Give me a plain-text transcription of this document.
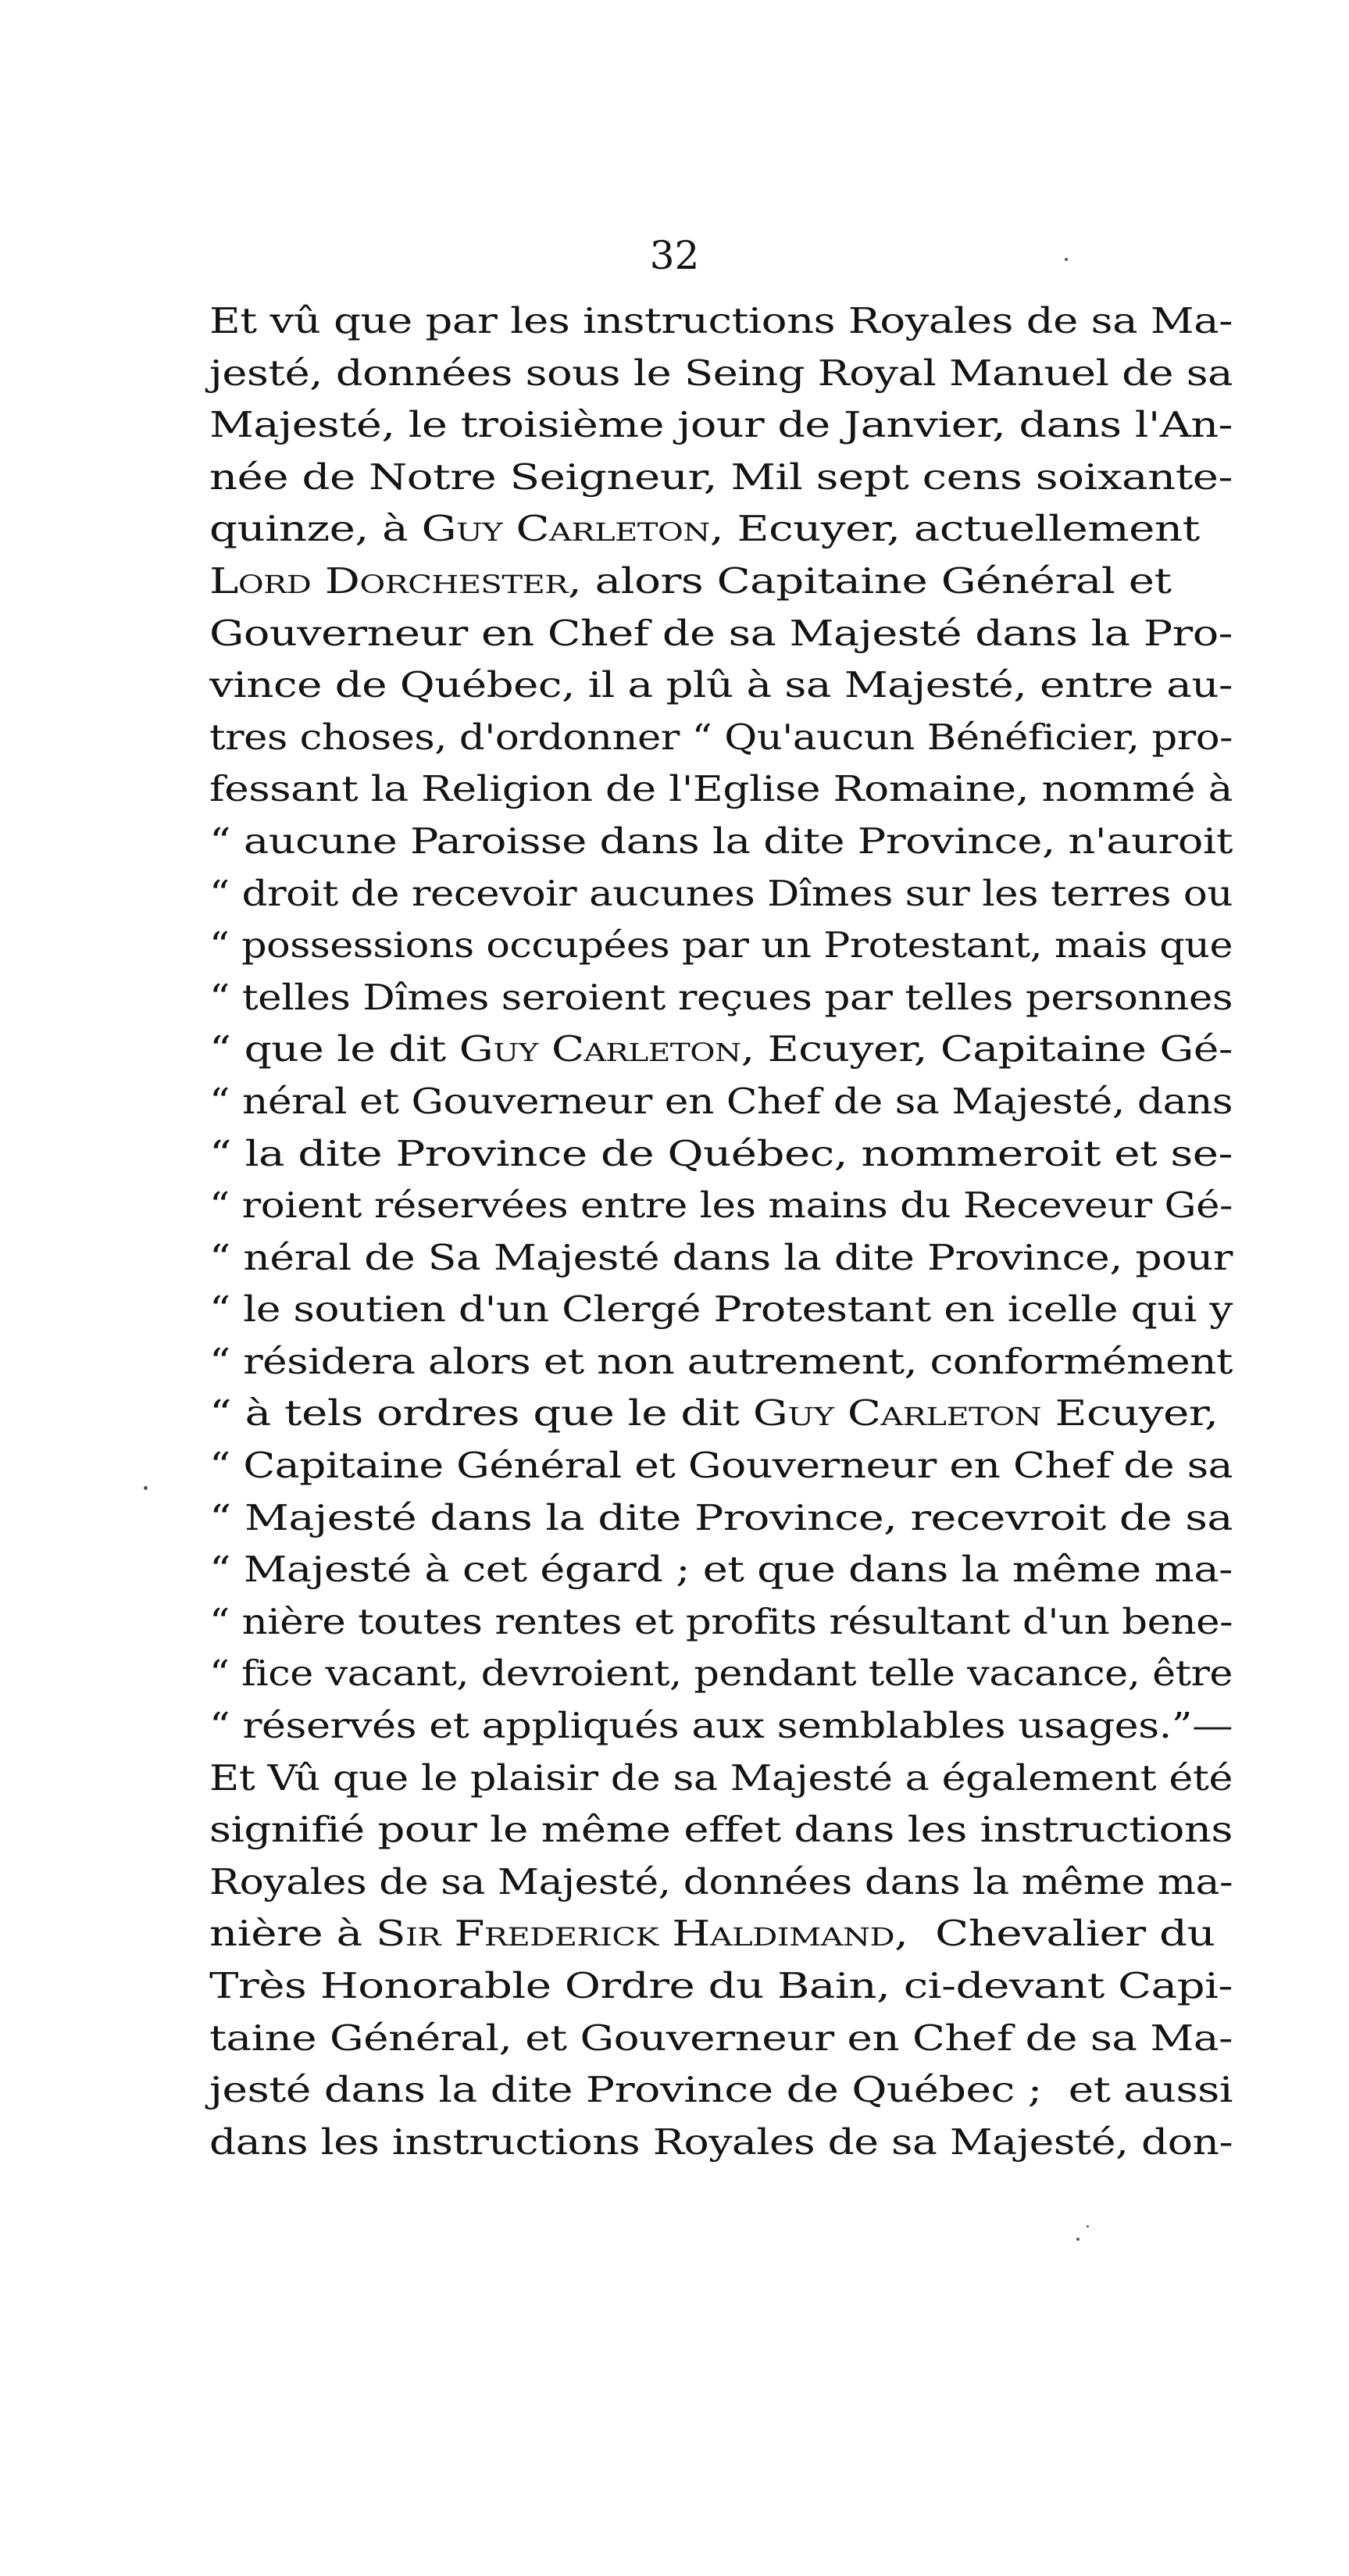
32
Et vû que par les instructions Royales de sa Ma-
jesté, données sous le Seing Royal Manuel de sa
Majesté, le troisième jour de Janvier, dans l'An-
née de Notre Seigneur, Mil sept cens soixante-
quinze, à Guy Carleton, Ecuyer, actuellement
Lord Dorchester, alors Capitaine Général et
Gouverneur en Chef de sa Majesté dans la Pro-
vince de Québec, il a plû à sa Majesté, entre au-
tres choses, d'ordonner “ Qu'aucun Bénéficier, pro-
fessant la Religion de l'Eglise Romaine, nommé à
“ aucune Paroisse dans la dite Province, n'auroit
“ droit de recevoir aucunes Dîmes sur les terres ou
“ possessions occupées par un Protestant, mais que
“ telles Dîmes seroient reçues par telles personnes
“ que le dit Guy Carleton, Ecuyer, Capitaine Gé-
“ néral et Gouverneur en Chef de sa Majesté, dans
“ la dite Province de Québec, nommeroit et se-
“ roient réservées entre les mains du Receveur Gé-
“ néral de Sa Majesté dans la dite Province, pour
“ le soutien d'un Clergé Protestant en icelle qui y
“ résidera alors et non autrement, conformément
“ à tels ordres que le dit Guy Carleton Ecuyer,
“ Capitaine Général et Gouverneur en Chef de sa
“ Majesté dans la dite Province, recevroit de sa
“ Majesté à cet égard ; et que dans la même ma-
“ nière toutes rentes et profits résultant d'un bene-
“ fice vacant, devroient, pendant telle vacance, être
“ réservés et appliqués aux semblables usages.”—
Et Vû que le plaisir de sa Majesté a également été
signifié pour le même effet dans les instructions
Royales de sa Majesté, données dans la même ma-
nière à Sir Frederick Haldimand,  Chevalier du
Très Honorable Ordre du Bain, ci-devant Capi-
taine Général, et Gouverneur en Chef de sa Ma-
jesté dans la dite Province de Québec ;  et aussi
dans les instructions Royales de sa Majesté, don-
